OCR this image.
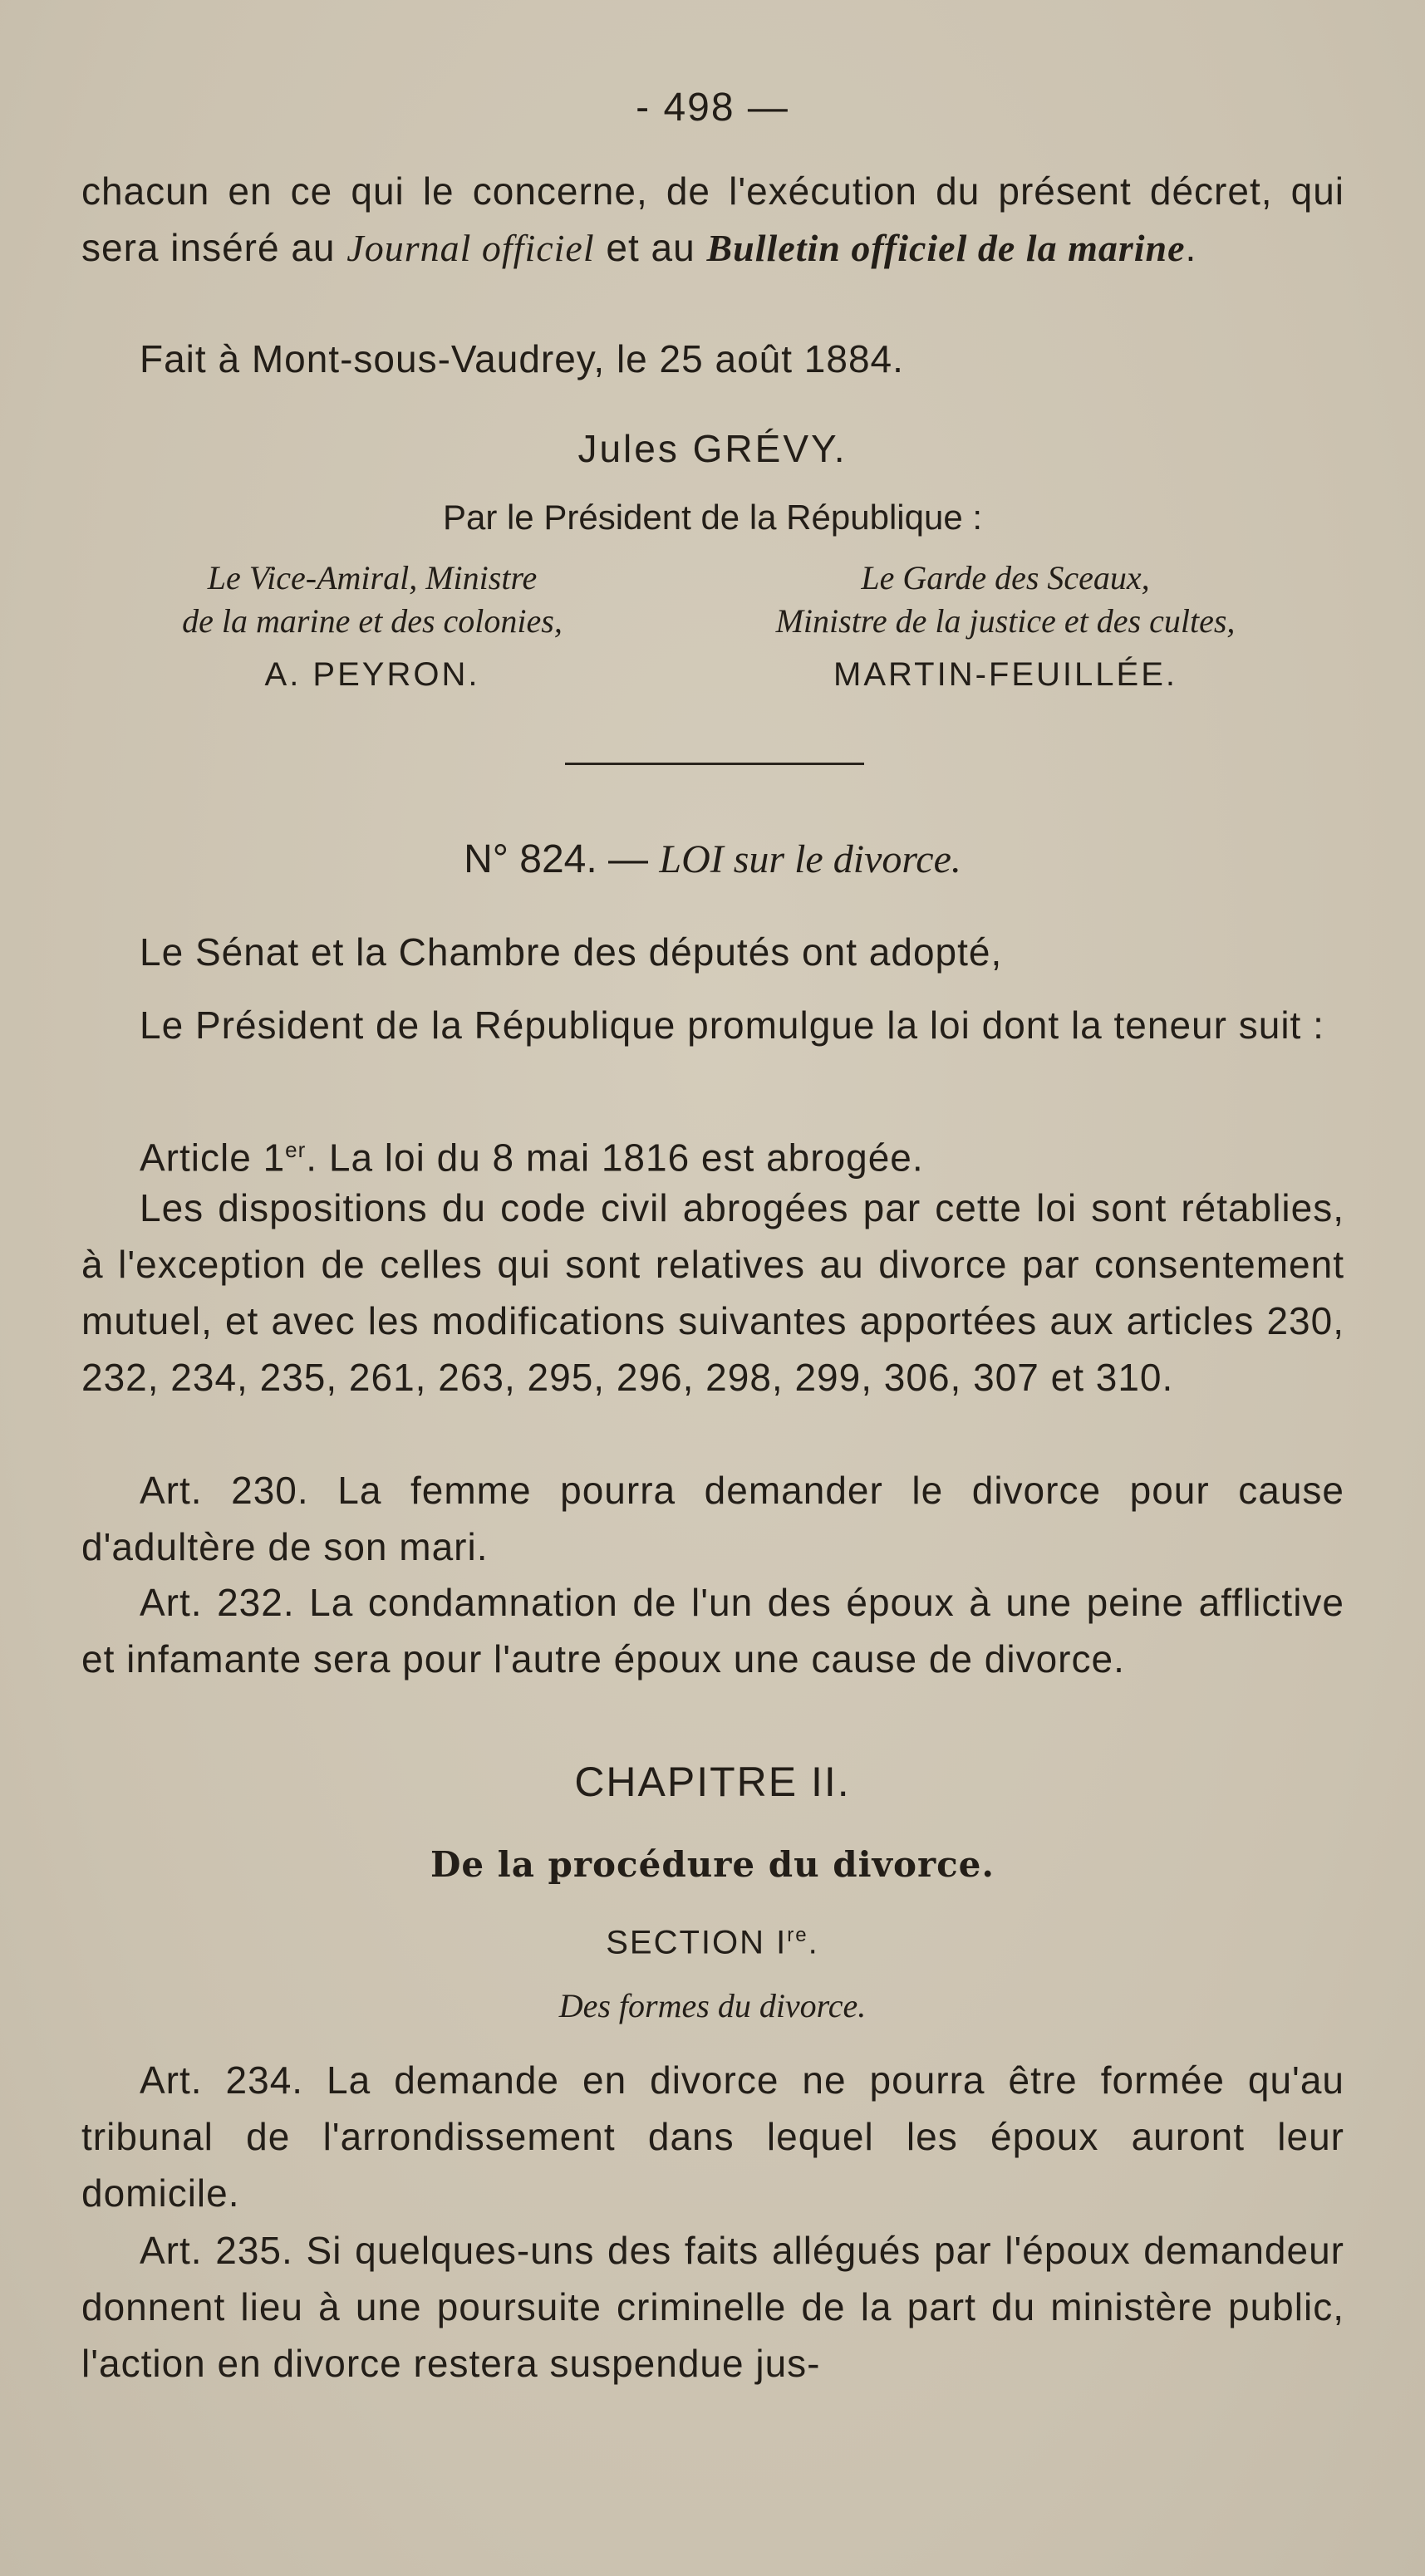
- 498 —

chacun en ce qui le concerne, de l'exécution du présent décret, qui sera inséré au Journal officiel et au Bulletin officiel de la marine.

Fait à Mont-sous-Vaudrey, le 25 août 1884.

Jules GRÉVY.
Par le Président de la République :
Le Vice-Amiral, Ministre
de la marine et des colonies,
Le Garde des Sceaux,
Ministre de la justice et des cultes,
A. PEYRON.	MARTIN-FEUILLÉE.
N° 824. — LOI sur le divorce.

Le Sénat et la Chambre des députés ont adopté,

Le Président de la République promulgue la loi dont la teneur suit :

Article 1er. La loi du 8 mai 1816 est abrogée.

Les dispositions du code civil abrogées par cette loi sont rétablies, à l'exception de celles qui sont relatives au divorce par consentement mutuel, et avec les modifications suivantes apportées aux articles 230, 232, 234, 235, 261, 263, 295, 296, 298, 299, 306, 307 et 310.

Art. 230. La femme pourra demander le divorce pour cause d'adultère de son mari.

Art. 232. La condamnation de l'un des époux à une peine afflictive et infamante sera pour l'autre époux une cause de divorce.

CHAPITRE II.
De la procédure du divorce.
SECTION Ire.
Des formes du divorce.

Art. 234. La demande en divorce ne pourra être formée qu'au tribunal de l'arrondissement dans lequel les époux auront leur domicile.

Art. 235. Si quelques-uns des faits allégués par l'époux demandeur donnent lieu à une poursuite criminelle de la part du ministère public, l'action en divorce restera suspendue jus-
